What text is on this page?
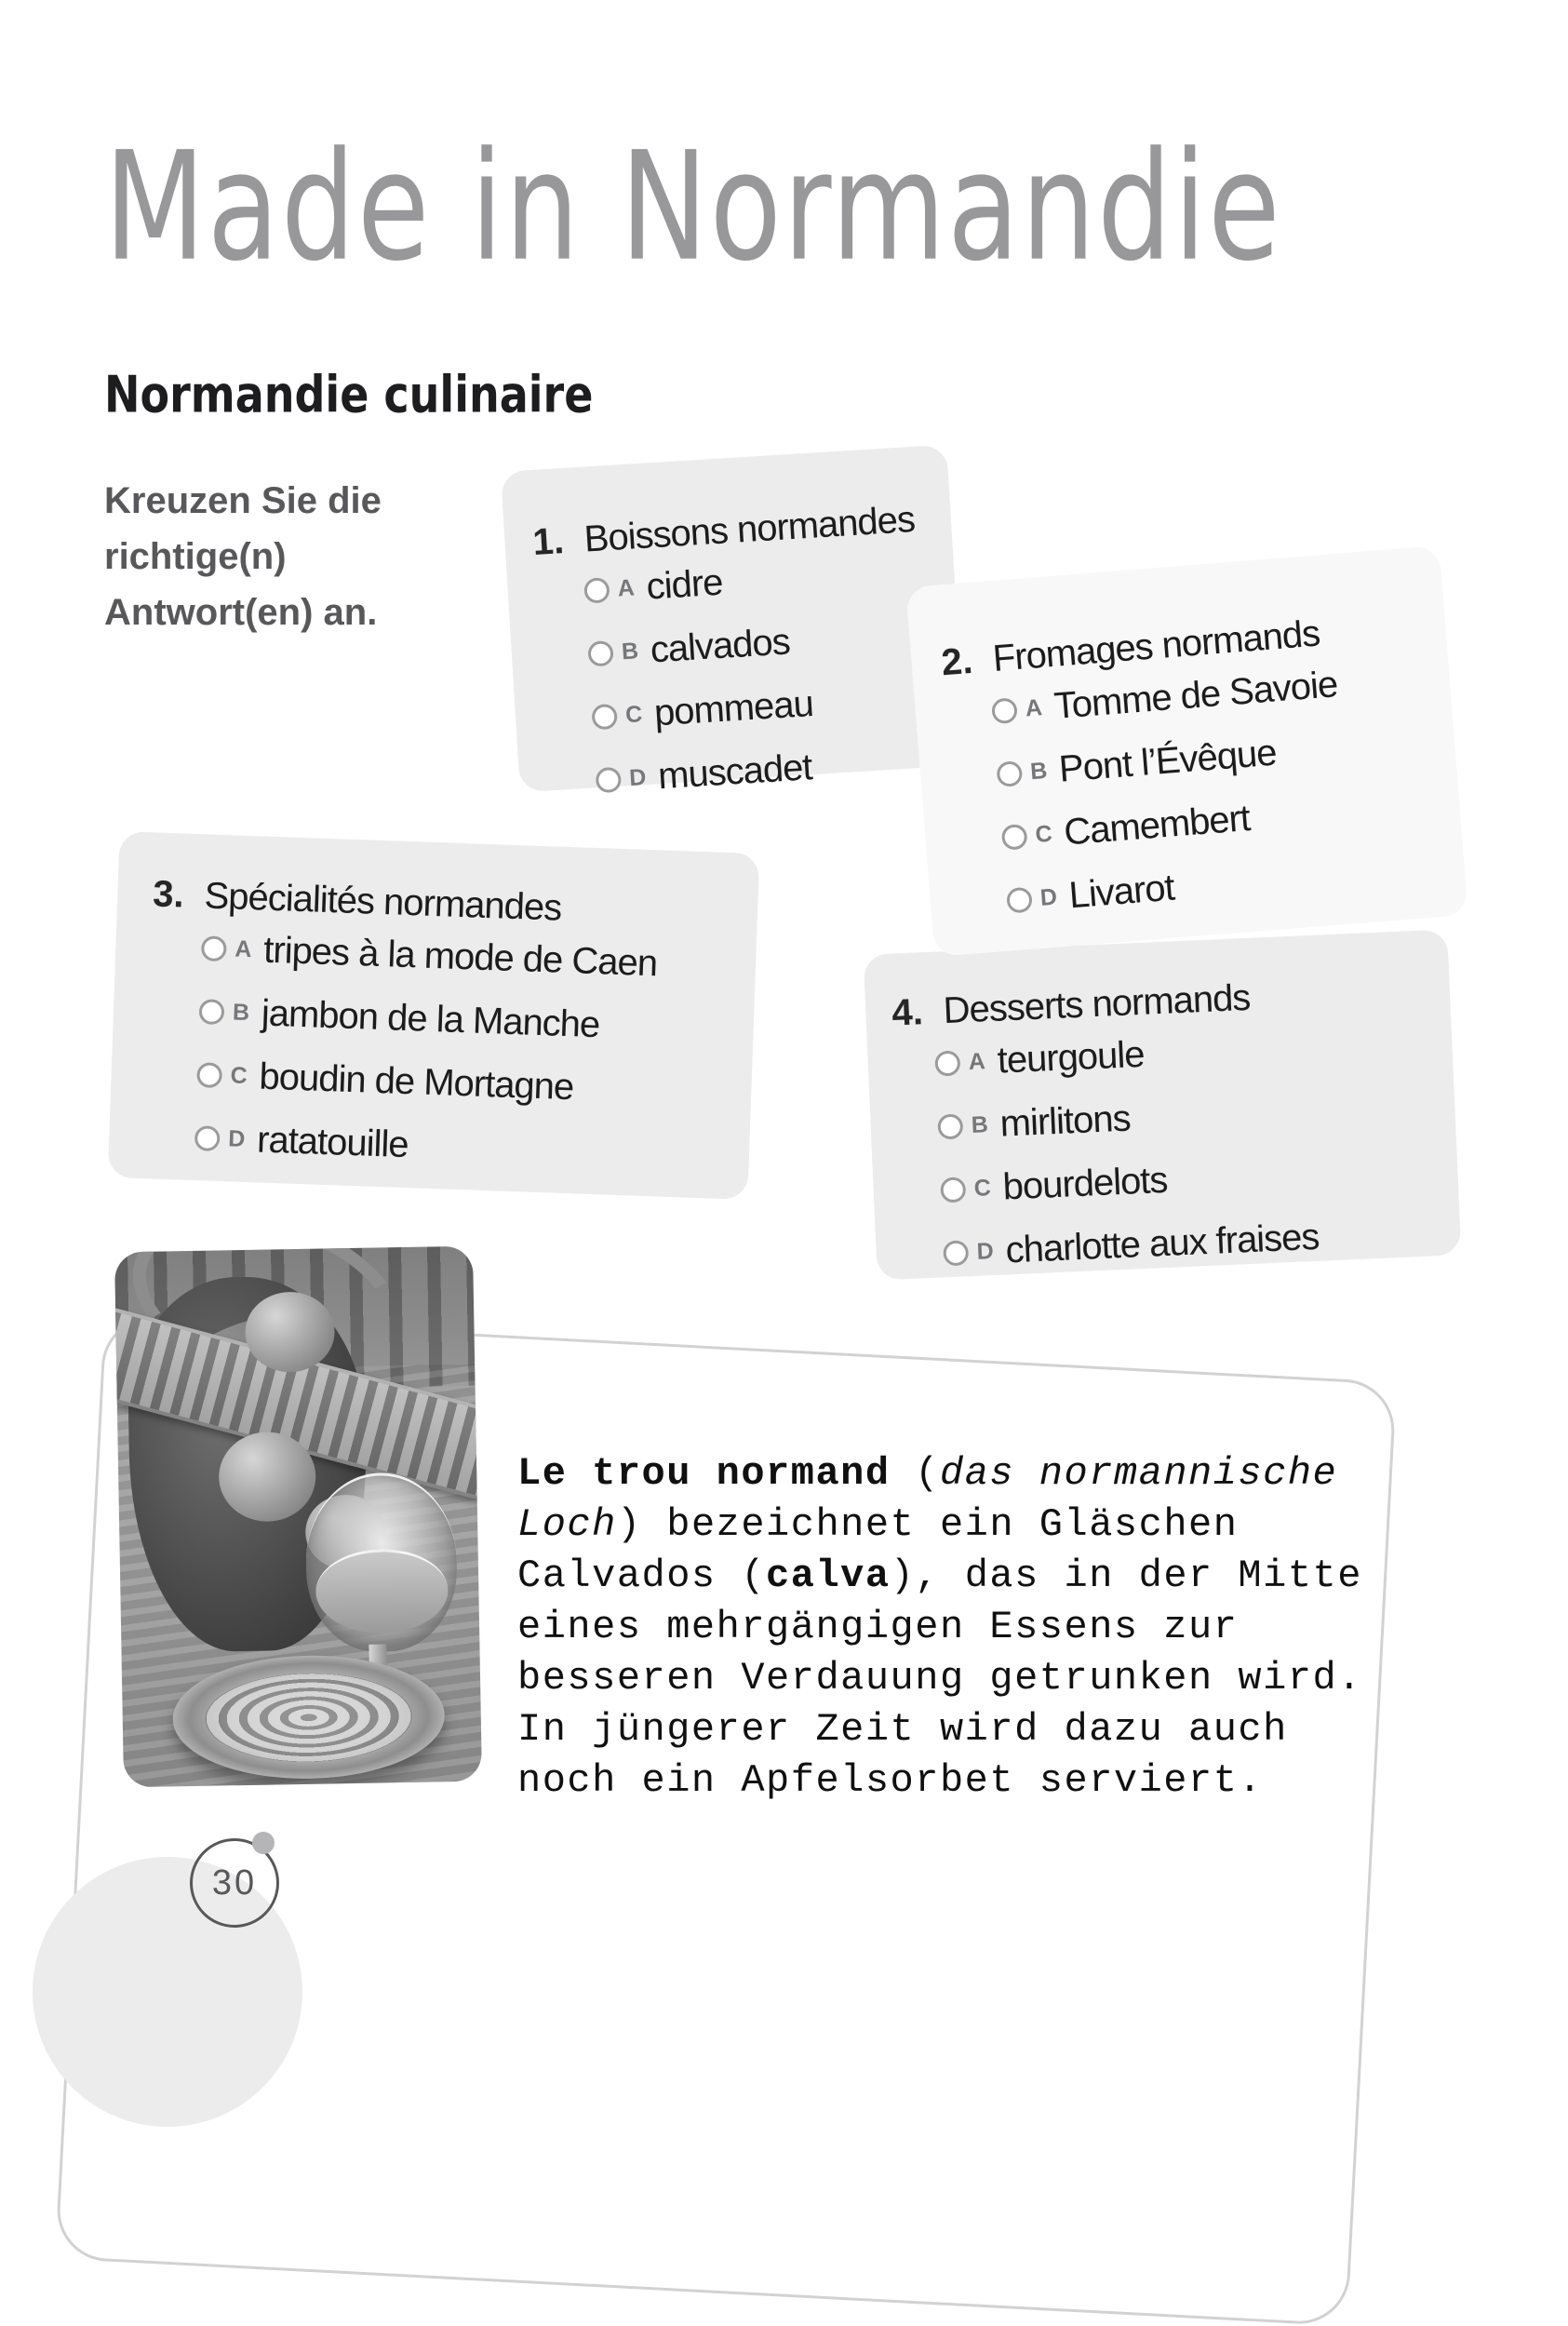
Made in Normandie
Normandie culinaire
Kreuzen Sie die
richtige(n)
Antwort(en) an.
1. Boissons normandes
A cidre
B calvados
C pommeau
D muscadet
2. Fromages normands
A Tomme de Savoie
B Pont l’Évêque
C Camembert
D Livarot
3. Spécialités normandes
A tripes à la mode de Caen
B jambon de la Manche
C boudin de Mortagne
D ratatouille
4. Desserts normands
A teurgoule
B mirlitons
C bourdelots
D charlotte aux fraises
Le trou normand (das normannische
Loch) bezeichnet ein Gläschen
Calvados (calva), das in der Mitte
eines mehrgängigen Essens zur
besseren Verdauung getrunken wird.
In jüngerer Zeit wird dazu auch
noch ein Apfelsorbet serviert.
30
